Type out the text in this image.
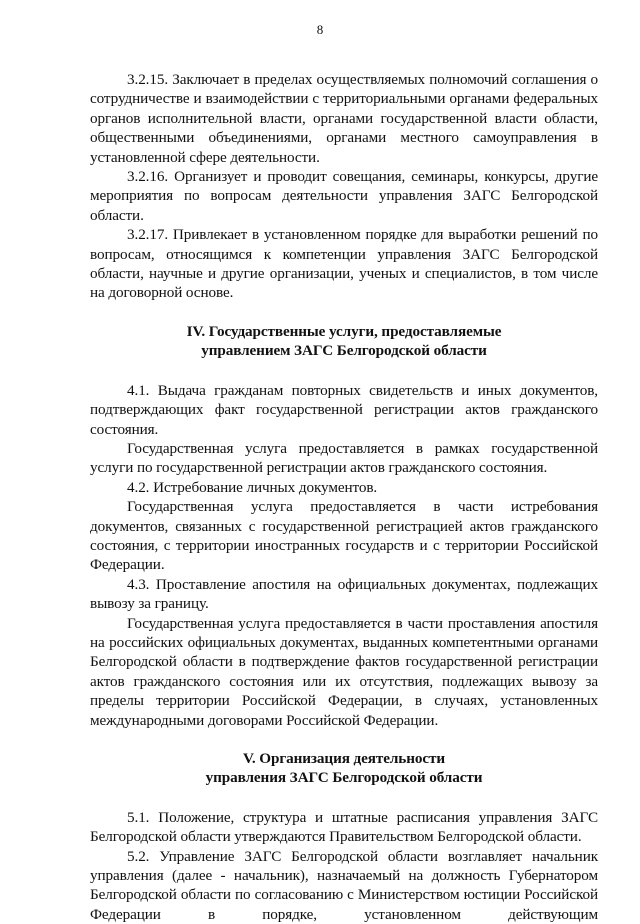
8

3.2.15. Заключает в пределах осуществляемых полномочий соглашения о сотрудничестве и взаимодействии с территориальными органами федеральных органов исполнительной власти, органами государственной власти области, общественными объединениями, органами местного самоуправления в установленной сфере деятельности.

3.2.16. Организует и проводит совещания, семинары, конкурсы, другие мероприятия по вопросам деятельности управления ЗАГС Белгородской области.

3.2.17. Привлекает в установленном порядке для выработки решений по вопросам, относящимся к компетенции управления ЗАГС Белгородской области, научные и другие организации, ученых и специалистов, в том числе на договорной основе.

IV. Государственные услуги, предоставляемые
управлением ЗАГС Белгородской области

4.1. Выдача гражданам повторных свидетельств и иных документов, подтверждающих факт государственной регистрации актов гражданского состояния.

Государственная услуга предоставляется в рамках государственной услуги по государственной регистрации актов гражданского состояния.

4.2. Истребование личных документов.

Государственная услуга предоставляется в части истребования документов, связанных с государственной регистрацией актов гражданского состояния, с территории иностранных государств и с территории Российской Федерации.

4.3. Проставление апостиля на официальных документах, подлежащих вывозу за границу.

Государственная услуга предоставляется в части проставления апостиля на российских официальных документах, выданных компетентными органами Белгородской области в подтверждение фактов государственной регистрации актов гражданского состояния или их отсутствия, подлежащих вывозу за пределы территории Российской Федерации, в случаях, установленных международными договорами Российской Федерации.

V. Организация деятельности
управления ЗАГС Белгородской области

5.1. Положение, структура и штатные расписания управления ЗАГС Белгородской области утверждаются Правительством Белгородской области.

5.2. Управление ЗАГС Белгородской области возглавляет начальник управления (далее - начальник), назначаемый на должность Губернатором Белгородской области по согласованию с Министерством юстиции Российской Федерации в порядке, установленном действующим
